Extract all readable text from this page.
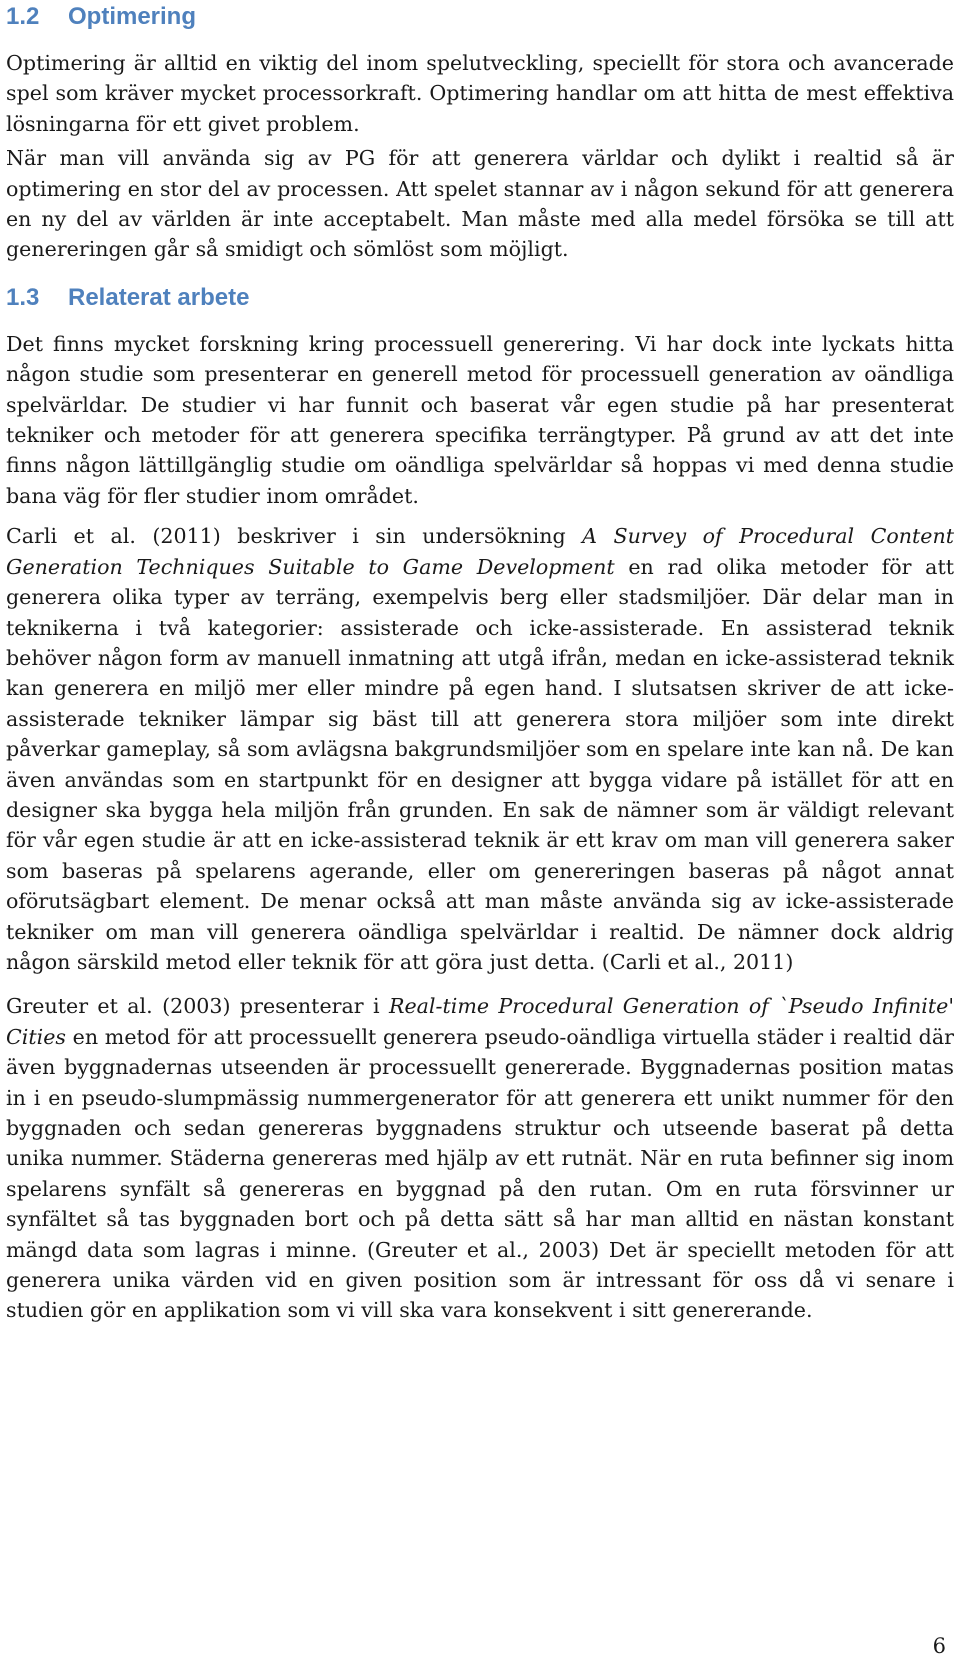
1.2 Optimering

Optimering är alltid en viktig del inom spelutveckling, speciellt för stora och avancerade spel som kräver mycket processorkraft. Optimering handlar om att hitta de mest effektiva lösningarna för ett givet problem.

När man vill använda sig av PG för att generera världar och dylikt i realtid så är optimering en stor del av processen. Att spelet stannar av i någon sekund för att generera en ny del av världen är inte acceptabelt. Man måste med alla medel försöka se till att genereringen går så smidigt och sömlöst som möjligt.

1.3 Relaterat arbete

Det finns mycket forskning kring processuell generering. Vi har dock inte lyckats hitta någon studie som presenterar en generell metod för processuell generation av oändliga spelvärldar. De studier vi har funnit och baserat vår egen studie på har presenterat tekniker och metoder för att generera specifika terrängtyper. På grund av att det inte finns någon lättillgänglig studie om oändliga spelvärldar så hoppas vi med denna studie bana väg för fler studier inom området.

Carli et al. (2011) beskriver i sin undersökning A Survey of Procedural Content Generation Techniques Suitable to Game Development en rad olika metoder för att generera olika typer av terräng, exempelvis berg eller stadsmiljöer. Där delar man in teknikerna i två kategorier: assisterade och icke-assisterade. En assisterad teknik behöver någon form av manuell inmatning att utgå ifrån, medan en icke-assisterad teknik kan generera en miljö mer eller mindre på egen hand. I slutsatsen skriver de att icke-assisterade tekniker lämpar sig bäst till att generera stora miljöer som inte direkt påverkar gameplay, så som avlägsna bakgrundsmiljöer som en spelare inte kan nå. De kan även användas som en startpunkt för en designer att bygga vidare på istället för att en designer ska bygga hela miljön från grunden. En sak de nämner som är väldigt relevant för vår egen studie är att en icke-assisterad teknik är ett krav om man vill generera saker som baseras på spelarens agerande, eller om genereringen baseras på något annat oförutsägbart element. De menar också att man måste använda sig av icke-assisterade tekniker om man vill generera oändliga spelvärldar i realtid. De nämner dock aldrig någon särskild metod eller teknik för att göra just detta. (Carli et al., 2011)

Greuter et al. (2003) presenterar i Real-time Procedural Generation of `Pseudo Infinite' Cities en metod för att processuellt generera pseudo-oändliga virtuella städer i realtid där även byggnadernas utseenden är processuellt genererade. Byggnadernas position matas in i en pseudo-slumpmässig nummergenerator för att generera ett unikt nummer för den byggnaden och sedan genereras byggnadens struktur och utseende baserat på detta unika nummer. Städerna genereras med hjälp av ett rutnät. När en ruta befinner sig inom spelarens synfält så genereras en byggnad på den rutan. Om en ruta försvinner ur synfältet så tas byggnaden bort och på detta sätt så har man alltid en nästan konstant mängd data som lagras i minne. (Greuter et al., 2003) Det är speciellt metoden för att generera unika värden vid en given position som är intressant för oss då vi senare i studien gör en applikation som vi vill ska vara konsekvent i sitt genererande.

6
